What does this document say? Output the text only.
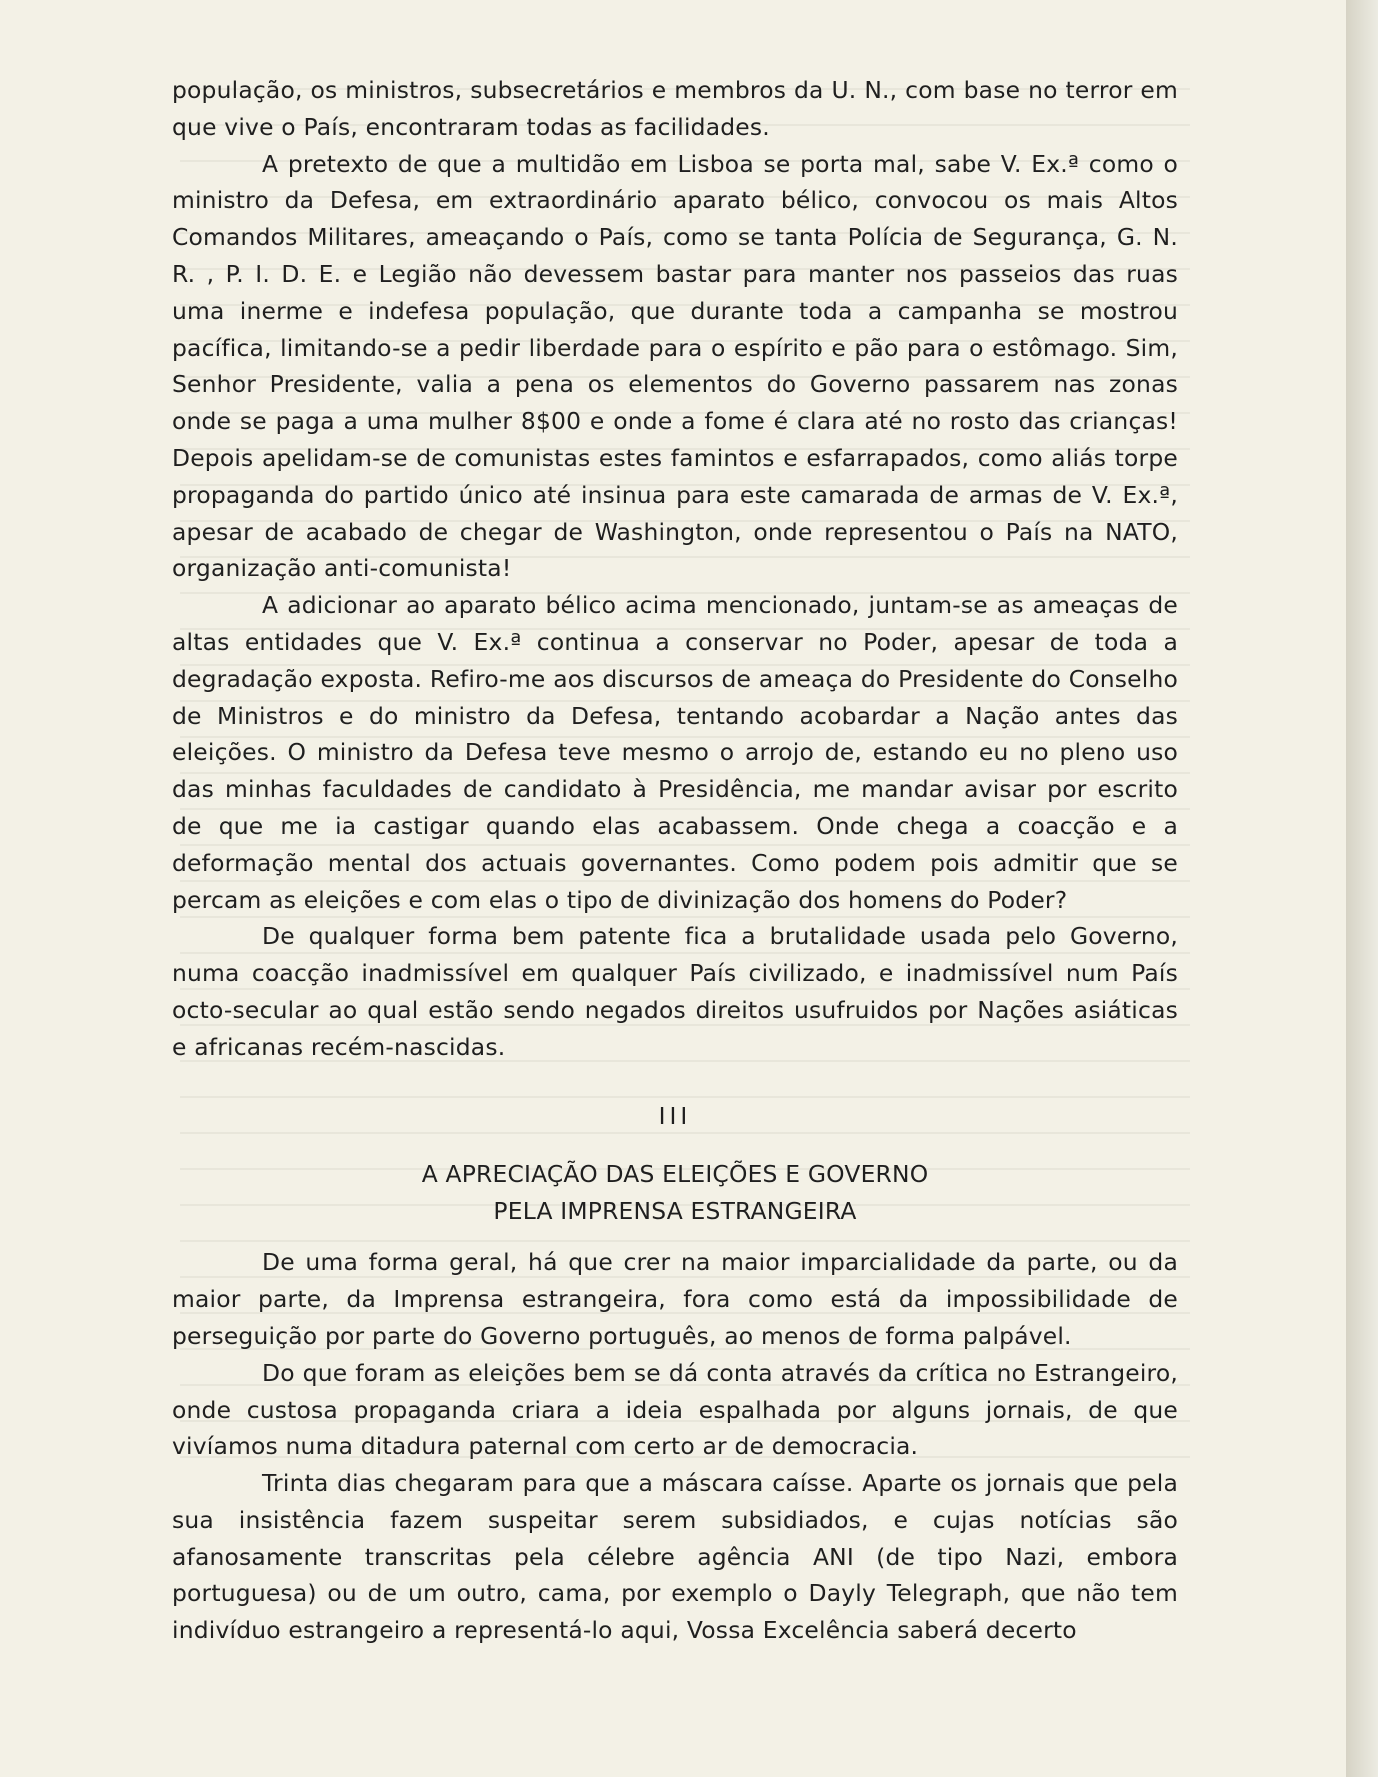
população, os ministros, subsecretários e membros da U. N., com base no terror em que vive o País, encontraram todas as facilidades.

A pretexto de que a multidão em Lisboa se porta mal, sabe V. Ex.ª como o ministro da Defesa, em extraordinário aparato bélico, convocou os mais Altos Comandos Militares, ameaçando o País, como se tanta Polícia de Segurança, G. N. R. , P. I. D. E. e Legião não devessem bastar para manter nos passeios das ruas uma inerme e indefesa população, que durante toda a campanha se mostrou pacífica, limitando-se a pedir liberdade para o espírito e pão para o estômago. Sim, Senhor Presidente, valia a pena os elementos do Governo passarem nas zonas onde se paga a uma mulher 8$00 e onde a fome é clara até no rosto das crianças! Depois apelidam-se de comunistas estes famintos e esfarrapados, como aliás torpe propaganda do partido único até insinua para este camarada de armas de V. Ex.ª, apesar de acabado de chegar de Washington, onde representou o País na NATO, organização anti-comunista!

A adicionar ao aparato bélico acima mencionado, juntam-se as ameaças de altas entidades que V. Ex.ª continua a conservar no Poder, apesar de toda a degradação exposta. Refiro-me aos discursos de ameaça do Presidente do Conselho de Ministros e do ministro da Defesa, tentando acobardar a Nação antes das eleições. O ministro da Defesa teve mesmo o arrojo de, estando eu no pleno uso das minhas faculdades de candidato à Presidência, me mandar avisar por escrito de que me ia castigar quando elas acabassem. Onde chega a coacção e a deformação mental dos actuais governantes. Como podem pois admitir que se percam as eleições e com elas o tipo de divinização dos homens do Poder?

De qualquer forma bem patente fica a brutalidade usada pelo Governo, numa coacção inadmissível em qualquer País civilizado, e inadmissível num País octo-secular ao qual estão sendo negados direitos usufruidos por Nações asiáticas e africanas recém-nascidas.

III
A APRECIAÇÃO DAS ELEIÇÕES E GOVERNO
PELA IMPRENSA ESTRANGEIRA

De uma forma geral, há que crer na maior imparcialidade da parte, ou da maior parte, da Imprensa estrangeira, fora como está da impossibilidade de perseguição por parte do Governo português, ao menos de forma palpável.

Do que foram as eleições bem se dá conta através da crítica no Estrangeiro, onde custosa propaganda criara a ideia espalhada por alguns jornais, de que vivíamos numa ditadura paternal com certo ar de democracia.

Trinta dias chegaram para que a máscara caísse. Aparte os jornais que pela sua insistência fazem suspeitar serem subsidiados, e cujas notícias são afanosamente transcritas pela célebre agência ANI (de tipo Nazi, embora portuguesa) ou de um outro, cama, por exemplo o Dayly Telegraph, que não tem indivíduo estrangeiro a representá-lo aqui, Vossa Excelência saberá decerto
